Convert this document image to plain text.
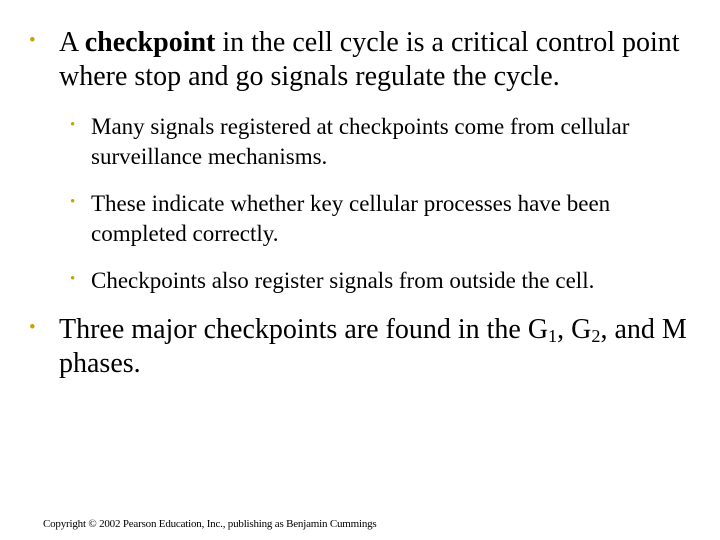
• A checkpoint in the cell cycle is a critical control point where stop and go signals regulate the cycle.
• Many signals registered at checkpoints come from cellular surveillance mechanisms.
• These indicate whether key cellular processes have been completed correctly.
• Checkpoints also register signals from outside the cell.
• Three major checkpoints are found in the $G_1$, $G_2$, and M phases.
Copyright © 2002 Pearson Education, Inc., publishing as Benjamin Cummings
